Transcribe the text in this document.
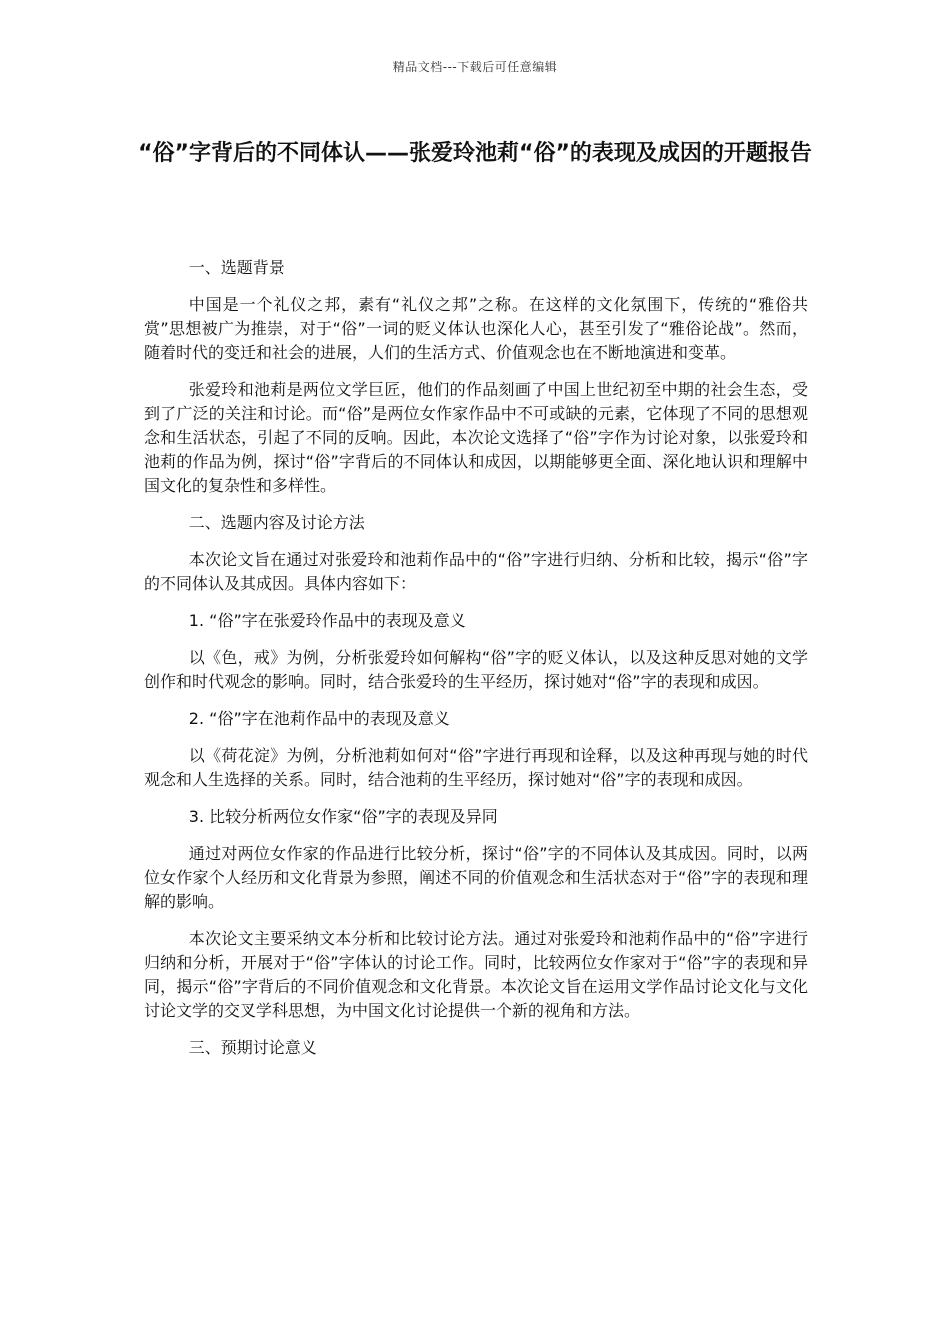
精品文档---下载后可任意编辑
“俗”字背后的不同体认——张爱玲池莉“俗”的表现及成因的开题报告

一、选题背景

中国是一个礼仪之邦，素有“礼仪之邦”之称。在这样的文化氛围下，传统的“雅俗共赏”思想被广为推崇，对于“俗”一词的贬义体认也深化人心，甚至引发了“雅俗论战”。然而，随着时代的变迁和社会的进展，人们的生活方式、价值观念也在不断地演进和变革。

张爱玲和池莉是两位文学巨匠，他们的作品刻画了中国上世纪初至中期的社会生态，受到了广泛的关注和讨论。而“俗”是两位女作家作品中不可或缺的元素，它体现了不同的思想观念和生活状态，引起了不同的反响。因此，本次论文选择了“俗”字作为讨论对象，以张爱玲和池莉的作品为例，探讨“俗”字背后的不同体认和成因，以期能够更全面、深化地认识和理解中国文化的复杂性和多样性。

二、选题内容及讨论方法

本次论文旨在通过对张爱玲和池莉作品中的“俗”字进行归纳、分析和比较，揭示“俗”字的不同体认及其成因。具体内容如下：

1. “俗”字在张爱玲作品中的表现及意义

以《色，戒》为例，分析张爱玲如何解构“俗”字的贬义体认，以及这种反思对她的文学创作和时代观念的影响。同时，结合张爱玲的生平经历，探讨她对“俗”字的表现和成因。

2. “俗”字在池莉作品中的表现及意义

以《荷花淀》为例，分析池莉如何对“俗”字进行再现和诠释，以及这种再现与她的时代观念和人生选择的关系。同时，结合池莉的生平经历，探讨她对“俗”字的表现和成因。

3. 比较分析两位女作家“俗”字的表现及异同

通过对两位女作家的作品进行比较分析，探讨“俗”字的不同体认及其成因。同时，以两位女作家个人经历和文化背景为参照，阐述不同的价值观念和生活状态对于“俗”字的表现和理解的影响。

本次论文主要采纳文本分析和比较讨论方法。通过对张爱玲和池莉作品中的“俗”字进行归纳和分析，开展对于“俗”字体认的讨论工作。同时，比较两位女作家对于“俗”字的表现和异同，揭示“俗”字背后的不同价值观念和文化背景。本次论文旨在运用文学作品讨论文化与文化讨论文学的交叉学科思想，为中国文化讨论提供一个新的视角和方法。

三、预期讨论意义
